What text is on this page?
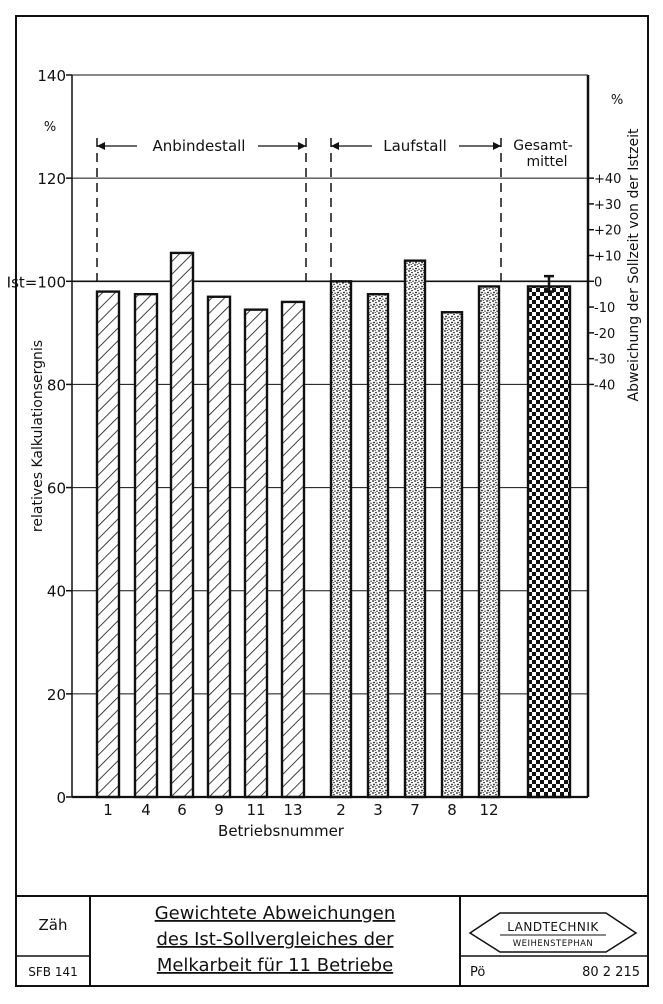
0
20
40
60
80
Ist=100
120
140
-40
-30
-20
-10
0
+10
+20
+30
+40
1 4 6 9 11 13 2 3 7 8 12
Anbindestall	Laufstall	Gesamt-
mittel
%
%
relatives Kalkulationsergnis
Abweichung der Sollzeit von der Istzeit
Betriebsnummer
Zäh
SFB 141
Gewichtete Abweichungen
des Ist-Sollvergleiches der
Melkarbeit für 11 Betriebe
LANDTECHNIK
WEIHENSTEPHAN
Pö	80 2 215
